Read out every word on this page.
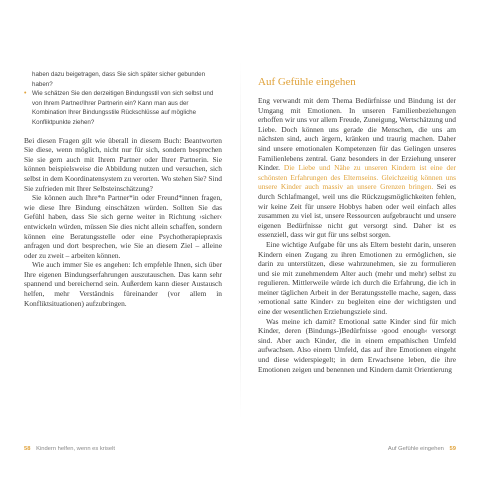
haben dazu beigetragen, dass Sie sich später sicher gebunden haben?
• Wie schätzen Sie den derzeitigen Bindungsstil von sich selbst und von Ihrem Partner/Ihrer Partnerin ein? Kann man aus der Kombination Ihrer Bindungsstile Rückschlüsse auf mögliche Konfliktpunkte ziehen?

Bei diesen Fragen gilt wie überall in diesem Buch: Beantworten Sie diese, wenn möglich, nicht nur für sich, sondern besprechen Sie sie gern auch mit Ihrem Partner oder Ihrer Partnerin. Sie können beispielsweise die Abbildung nutzen und versuchen, sich selbst in dem Koordinatensystem zu verorten. Wo stehen Sie? Sind Sie zufrieden mit Ihrer Selbsteinschätzung?

Sie können auch Ihre*n Partner*in oder Freund*innen fragen, wie diese Ihre Bindung einschätzen würden. Sollten Sie das Gefühl haben, dass Sie sich gerne weiter in Richtung ›sicher‹ entwickeln würden, müssen Sie dies nicht allein schaffen, sondern können eine Beratungsstelle oder eine Psychotherapiepraxis anfragen und dort besprechen, wie Sie an diesem Ziel – alleine oder zu zweit – arbeiten können.

Wie auch immer Sie es angehen: Ich empfehle Ihnen, sich über Ihre eigenen Bindungserfahrungen auszutauschen. Das kann sehr spannend und bereichernd sein. Außerdem kann dieser Austausch helfen, mehr Verständnis füreinander (vor allem in Konfliktsituationen) aufzubringen.

Auf Gefühle eingehen

Eng verwandt mit dem Thema Bedürfnisse und Bindung ist der Umgang mit Emotionen. In unseren Familienbeziehungen erhoffen wir uns vor allem Freude, Zuneigung, Wertschätzung und Liebe. Doch können uns gerade die Menschen, die uns am nächsten sind, auch ärgern, kränken und traurig machen. Daher sind unsere emotionalen Kompetenzen für das Gelingen unseres Familienlebens zentral. Ganz besonders in der Erziehung unserer Kinder. Die Liebe und Nähe zu unseren Kindern ist eine der schönsten Erfahrungen des Elternseins. Gleichzeitig können uns unsere Kinder auch massiv an unsere Grenzen bringen. Sei es durch Schlafmangel, weil uns die Rückzugsmöglichkeiten fehlen, wir keine Zeit für unsere Hobbys haben oder weil einfach alles zusammen zu viel ist, unsere Ressourcen aufgebraucht und unsere eigenen Bedürfnisse nicht gut versorgt sind. Daher ist es essenziell, dass wir gut für uns selbst sorgen.

Eine wichtige Aufgabe für uns als Eltern besteht darin, unseren Kindern einen Zugang zu ihren Emotionen zu ermöglichen, sie darin zu unterstützen, diese wahrzunehmen, sie zu formulieren und sie mit zunehmendem Alter auch (mehr und mehr) selbst zu regulieren. Mittlerweile würde ich durch die Erfahrung, die ich in meiner täglichen Arbeit in der Beratungsstelle mache, sagen, dass ›emotional satte Kinder‹ zu begleiten eine der wichtigsten und eine der wesentlichen Erziehungsziele sind.

Was meine ich damit? Emotional satte Kinder sind für mich Kinder, deren (Bindungs-)Bedürfnisse ›good enough‹ versorgt sind. Aber auch Kinder, die in einem empathischen Umfeld aufwachsen. Also einem Umfeld, das auf ihre Emotionen eingeht und diese widerspiegelt; in dem Erwachsene leben, die ihre Emotionen zeigen und benennen und Kindern damit Orientierung

58 Kindern helfen, wenn es kriselt	Auf Gefühle eingehen 59
